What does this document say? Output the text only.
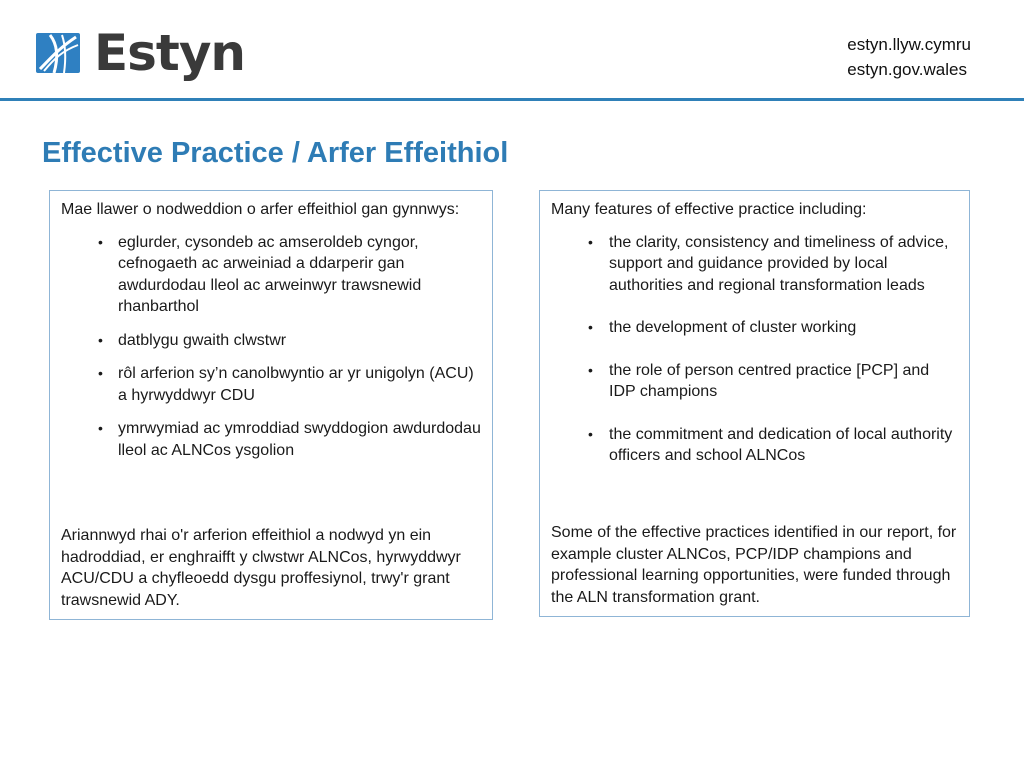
Estyn	estyn.llyw.cymru
estyn.gov.wales
Effective Practice / Arfer Effeithiol

Mae llawer o nodweddion o arfer effeithiol gan gynnwys:

• eglurder, cysondeb ac amseroldeb cyngor, cefnogaeth ac arweiniad a ddarperir gan awdurdodau lleol ac arweinwyr trawsnewid rhanbarthol
• datblygu gwaith clwstwr
• rôl arferion sy’n canolbwyntio ar yr unigolyn (ACU) a hyrwyddwyr CDU
• ymrwymiad ac ymroddiad swyddogion awdurdodau lleol ac ALNCos ysgolion

Ariannwyd rhai o'r arferion effeithiol a nodwyd yn ein hadroddiad, er enghraifft y clwstwr ALNCos, hyrwyddwyr ACU/CDU a chyfleoedd dysgu proffesiynol, trwy'r grant trawsnewid ADY.

Many features of effective practice including:

• the clarity, consistency and timeliness of advice, support and guidance provided by local authorities and regional transformation leads
• the development of cluster working
• the role of person centred practice [PCP] and IDP champions
• the commitment and dedication of local authority officers and school ALNCos

Some of the effective practices identified in our report, for example cluster ALNCos, PCP/IDP champions and professional learning opportunities, were funded through the ALN transformation grant.
